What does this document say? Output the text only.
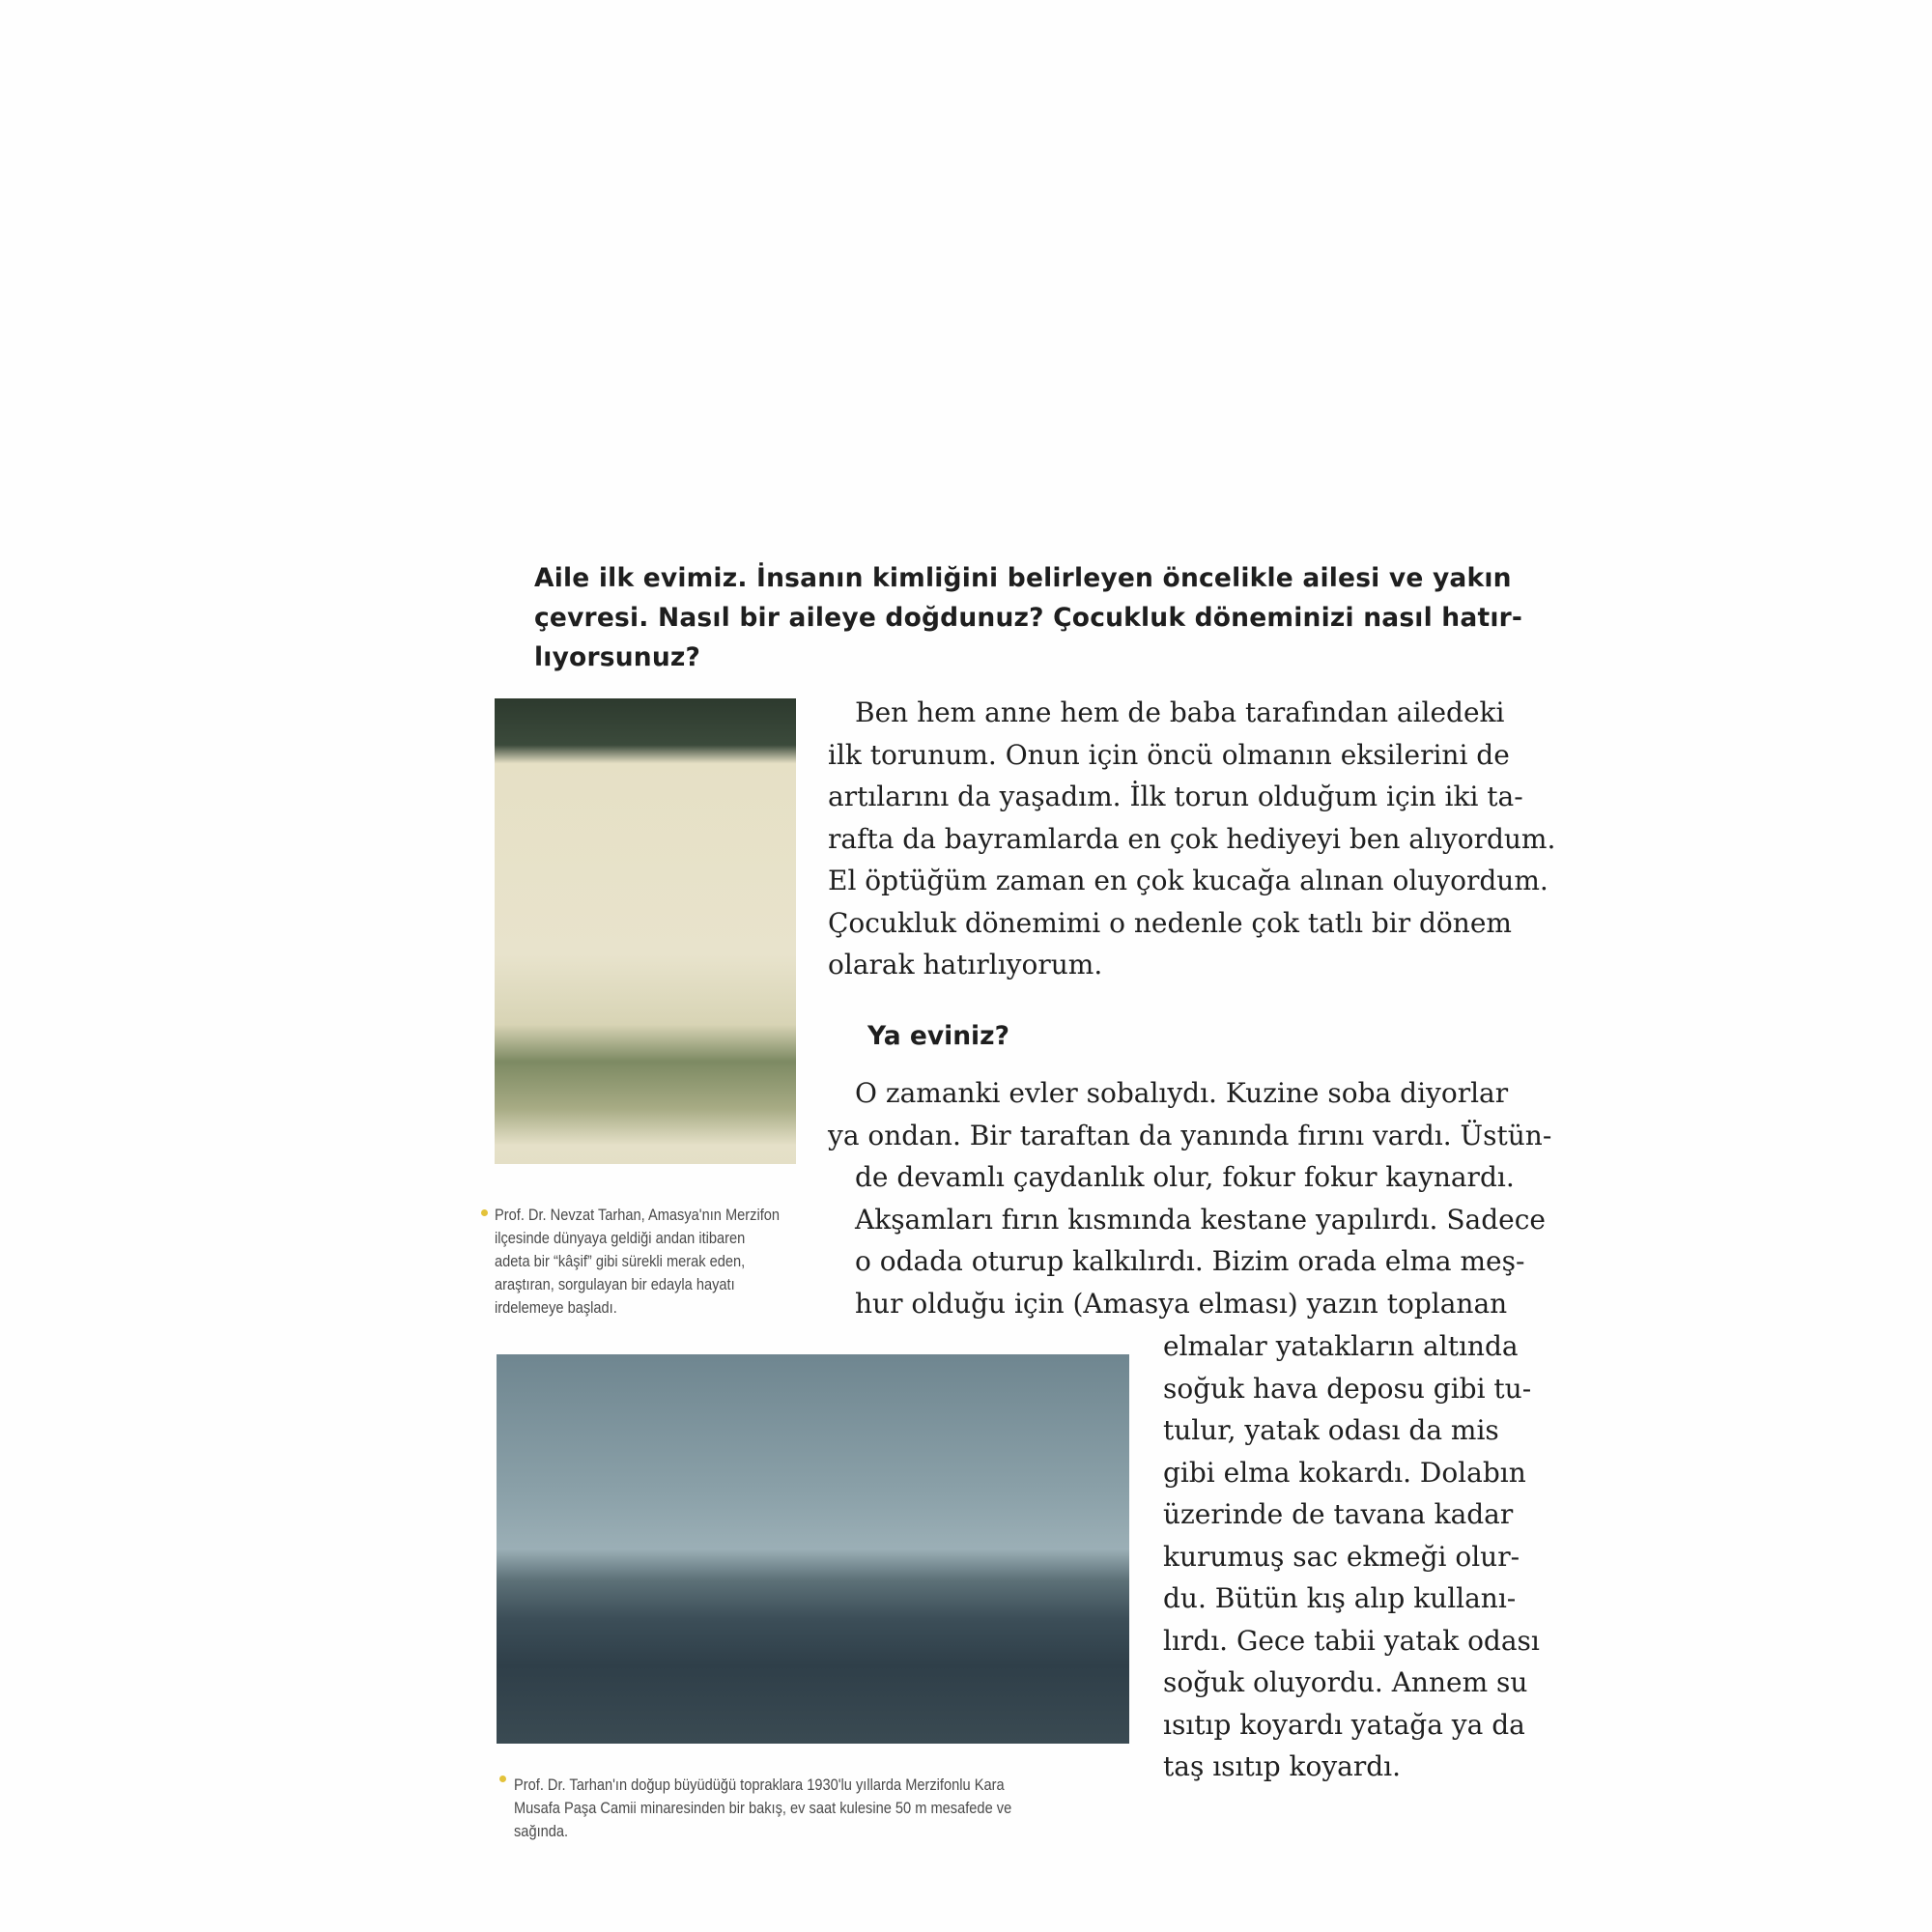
Aile ilk evimiz. İnsanın kimliğini belirleyen öncelikle ailesi ve yakın
çevresi. Nasıl bir aileye doğdunuz? Çocukluk döneminizi nasıl hatır-
lıyorsunuz?
 Ben hem anne hem de baba tarafından ailedeki
ilk torunum. Onun için öncü olmanın eksilerini de
artılarını da yaşadım. İlk torun olduğum için iki ta-
rafta da bayramlarda en çok hediyeyi ben alıyordum.
El öptüğüm zaman en çok kucağa alınan oluyordum.
Çocukluk dönemimi o nedenle çok tatlı bir dönem
olarak hatırlıyorum.
Ya eviniz?
 O zamanki evler sobalıydı. Kuzine soba diyorlar
ya ondan. Bir taraftan da yanında fırını vardı. Üstün-
 de devamlı çaydanlık olur, fokur fokur kaynardı.
 Akşamları fırın kısmında kestane yapılırdı. Sadece
 o odada oturup kalkılırdı. Bizim orada elma meş-
 hur olduğu için (Amasya elması) yazın toplanan
Prof. Dr. Nevzat Tarhan, Amasya'nın Merzifon
ilçesinde dünyaya geldiği andan itibaren
adeta bir “kâşif” gibi sürekli merak eden,
araştıran, sorgulayan bir edayla hayatı
irdelemeye başladı.
elmalar yatakların altında
soğuk hava deposu gibi tu-
tulur, yatak odası da mis
gibi elma kokardı. Dolabın
üzerinde de tavana kadar
kurumuş sac ekmeği olur-
du. Bütün kış alıp kullanı-
lırdı. Gece tabii yatak odası
soğuk oluyordu. Annem su
ısıtıp koyardı yatağa ya da
taş ısıtıp koyardı.
Prof. Dr. Tarhan'ın doğup büyüdüğü topraklara 1930'lu yıllarda Merzifonlu Kara
Musafa Paşa Camii minaresinden bir bakış, ev saat kulesine 50 m mesafede ve
sağında.
